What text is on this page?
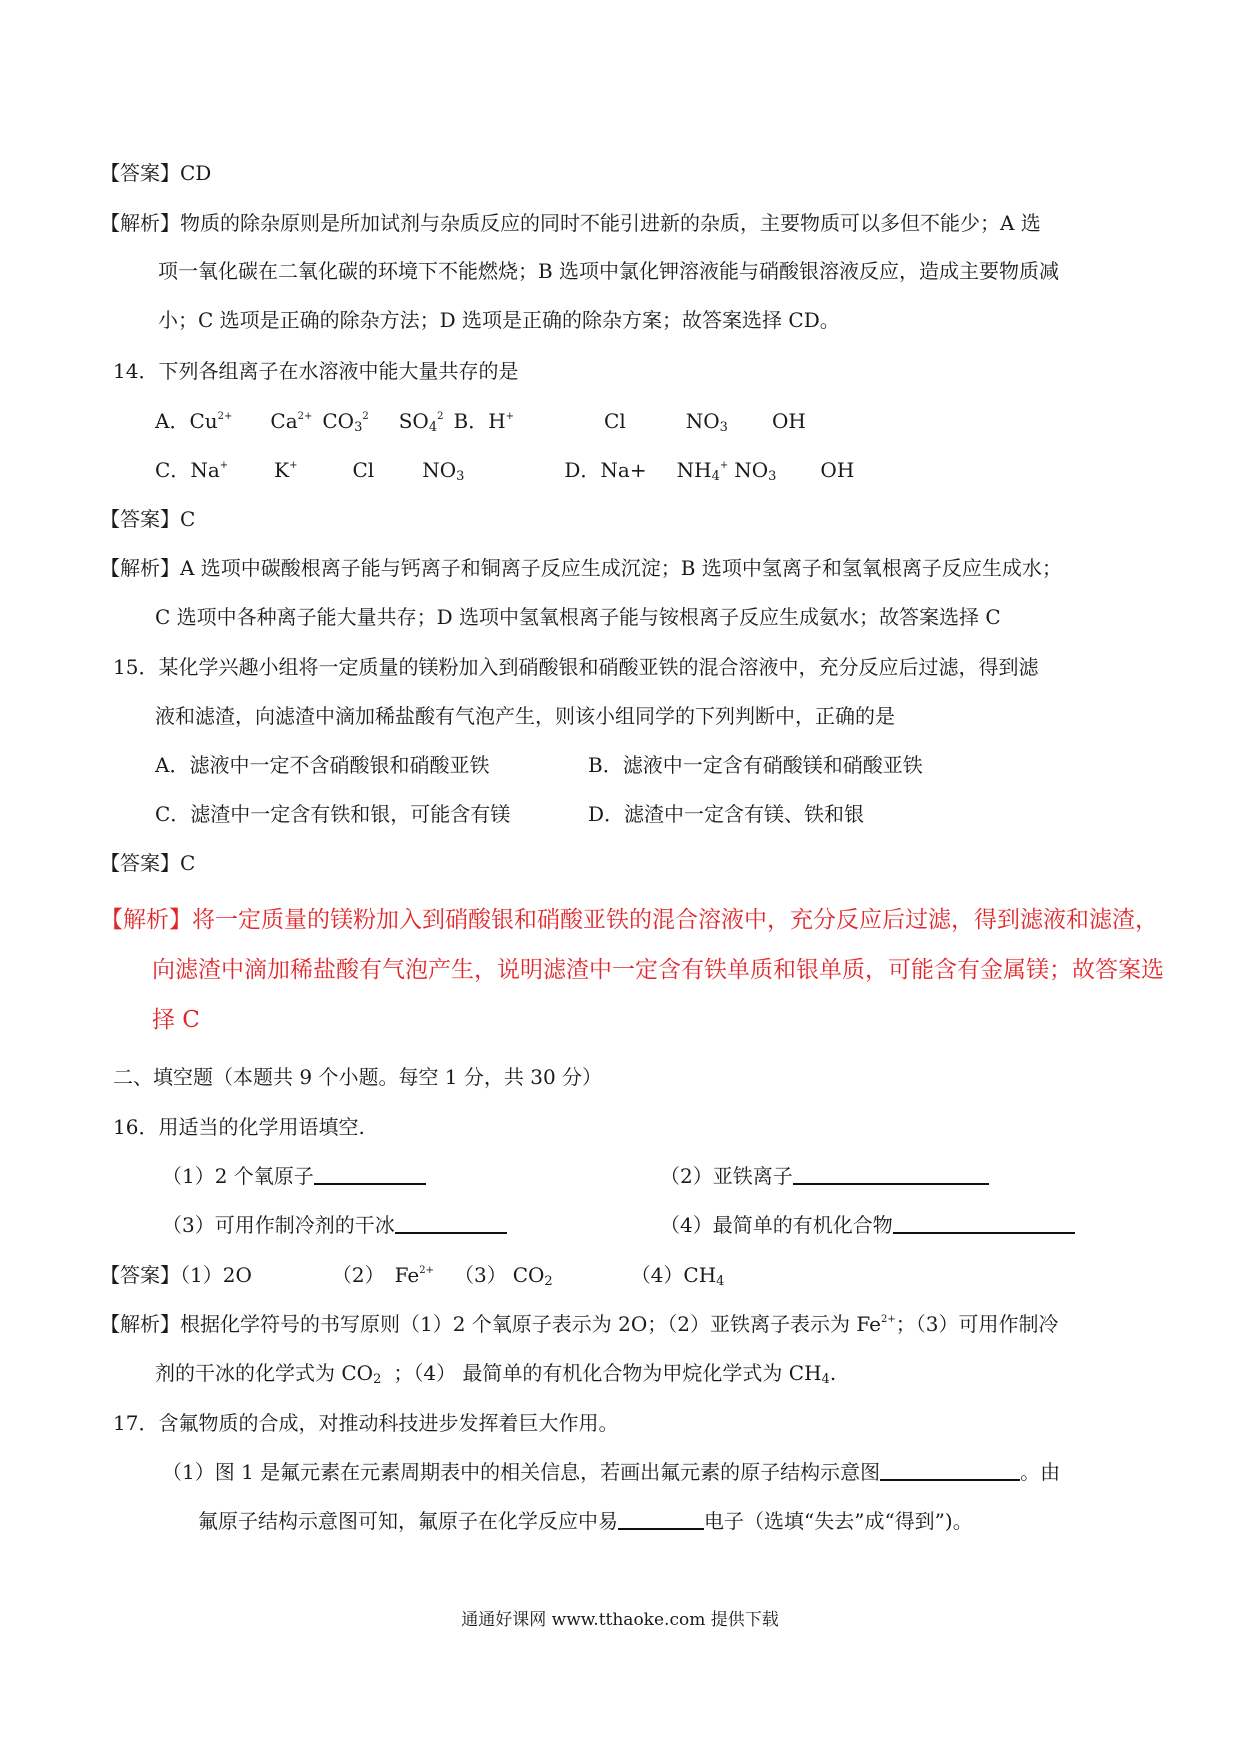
【答案】CD
【解析】物质的除杂原则是所加试剂与杂质反应的同时不能引进新的杂质，主要物质可以多但不能少；A 选
项一氧化碳在二氧化碳的环境下不能燃烧；B 选项中氯化钾溶液能与硝酸银溶液反应，造成主要物质减
小；C 选项是正确的除杂方法；D 选项是正确的除杂方案；故答案选择 CD。
14．下列各组离子在水溶液中能大量共存的是
A．$Cu^{2+}$ $Ca^{2+}$ $CO_3^2$ $SO_4^2$ B．H+	Cl	$NO_3$ OH
C．Na+ K+	Cl $NO_3$	D．$Na+ NH_4^+$ $NO_3$ OH
【答案】C
【解析】A 选项中碳酸根离子能与钙离子和铜离子反应生成沉淀；B 选项中氢离子和氢氧根离子反应生成水；
C 选项中各种离子能大量共存；D 选项中氢氧根离子能与铵根离子反应生成氨水；故答案选择 C
15．某化学兴趣小组将一定质量的镁粉加入到硝酸银和硝酸亚铁的混合溶液中，充分反应后过滤，得到滤
液和滤渣，向滤渣中滴加稀盐酸有气泡产生，则该小组同学的下列判断中，正确的是
A．滤液中一定不含硝酸银和硝酸亚铁	B．滤液中一定含有硝酸镁和硝酸亚铁
C．滤渣中一定含有铁和银，可能含有镁	D．滤渣中一定含有镁、铁和银
【答案】C
【解析】将一定质量的镁粉加入到硝酸银和硝酸亚铁的混合溶液中，充分反应后过滤，得到滤液和滤渣，
向滤渣中滴加稀盐酸有气泡产生，说明滤渣中一定含有铁单质和银单质，可能含有金属镁；故答案选
择 C
二、填空题（本题共 9 个小题。每空 1 分，共 30 分）
16．用适当的化学用语填空.
（1）2 个氧原子	（2）亚铁离子
（3）可用作制冷剂的干冰	（4）最简单的有机化合物
【答案】（1）2O	（2） $Fe^{2+}$ （3） $CO_2$	$(4)CH_4$
【解析】根据化学符号的书写原则（1）2 个氧原子表示为 2O；（2）亚铁离子表示为 $Fe^{2+}$；（3）可用作制冷
剂的干冰的化学式为 $CO_2$ ；（4） 最简单的有机化合物为甲烷化学式为 $CH_4$.
17．含氟物质的合成，对推动科技进步发挥着巨大作用。
（1）图 1 是氟元素在元素周期表中的相关信息，若画出氟元素的原子结构示意图	。由
氟原子结构示意图可知，氟原子在化学反应中易	电子（选填“失去”成“得到”)。
通通好课网 www.tthaoke.com 提供下载
